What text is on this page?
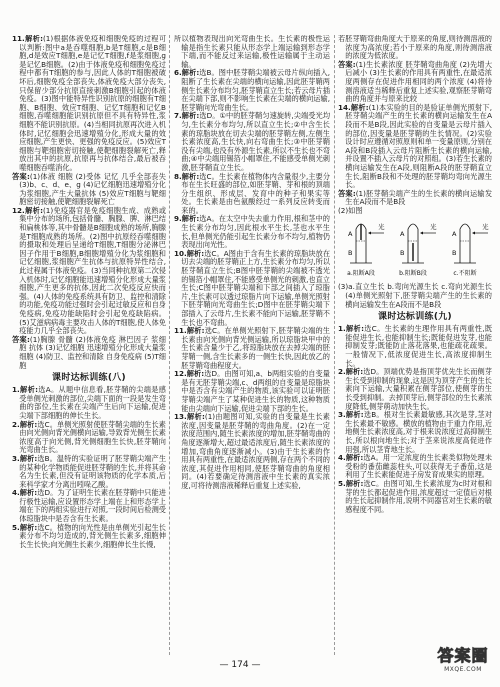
11.解析:(1)根据体液免疫和细胞免疫的过程可以判断:图中a是吞噬细胞,b是T细胞,c是B细胞,d是效应T细胞,e是记忆T细胞,f是浆细胞,g是记忆B细胞。(2)由于体液免疫和细胞免疫过程中都有T细胞的参与,因此人体的T细胞被破坏后,细胞免疫全部丧失,体液免疫大部分丧失,只保留少部分抗原直接刺激B细胞引起的体液免疫。(3)图中能特异性识别抗原的细胞有T细胞、B细胞、效应T细胞、记忆T细胞和记忆B细胞,吞噬细胞能识别抗原但不具有特异性,浆细胞不能识别抗原。(4)当相同抗原再次进入机体时,记忆细胞会迅速增殖分化,形成大量的效应细胞,产生更快、更强的免疫反应。(5)效应T细胞与靶细胞密切接触,使靶细胞裂解死亡,释放出其中的抗原,抗原再与抗体结合,最后被吞噬细胞吞噬消化。

答案:(1)体液 细胞 (2)受体 记忆 几乎全部丧失 (3)b、c、d、e、g (4)记忆细胞迅速增殖分化为浆细胞,产生大量抗体 (5)效应T细胞与靶细胞密切接触,使靶细胞裂解死亡

12.解析:(1)免疫器官是免疫细胞生成、成熟或集中分布的场所,包括骨髓、胸腺、脾、淋巴结和扁桃体等,其中骨髓是B细胞成熟的场所,胸腺是T细胞成熟的场所。(2)图中抗原经吞噬细胞的摄取和处理后呈递给T细胞,T细胞分泌淋巴因子作用于B细胞,B细胞增殖分化为浆细胞和记忆细胞,浆细胞产生抗体与抗原特异性结合,此过程属于体液免疫。(3)当同种抗原第二次侵入机体时,记忆细胞能迅速增殖分化形成大量浆细胞,产生更多的抗体,因此二次免疫反应快而强。(4)人体的免疫系统具有防卫、监控和清除的功能,免疫功能过强时会引起过敏反应和自身免疫病,免疫功能缺陷时会引起免疫缺陷病。(5)艾滋病病毒主要攻击人体的T细胞,使人体免疫能力几乎全部丧失。

答案:(1)胸腺 骨髓 (2)体液免疫 淋巴因子 浆细胞 抗体 (3)记忆细胞 迅速增殖分化形成大量浆细胞 (4)防卫、监控和清除 自身免疫病 (5)T细胞

课时达标训练(八)

1.解析:选A。从题中信息看,胚芽鞘的尖端是感受单侧光刺激的部位,尖端下面的一段是发生弯曲的部位,生长素在尖端产生后向下运输,促进尖端下部细胞的伸长生长。

2.解析:选C。单侧光照射使胚芽鞘尖端的生长素由向光侧向背光侧横向运输,导致背光侧生长素浓度高于向光侧,背光侧细胞生长快,胚芽鞘向光弯曲生长。

3.解析:选B。温特的实验证明了胚芽鞘尖端产生的某种化学物质能促进胚芽鞘的生长,并将其命名为生长素,但没有证明该物质的化学本质,后来科学家才分离出吲哚乙酸。

4.解析:选D。为了证明生长素在胚芽鞘中只能进行极性运输,应设置形态学上端在上和形态学上端在下的两组实验进行对照,一段时间后检测受体琼脂块中是否含有生长素。

5.解析:选C。植物的向光性是由单侧光引起生长素分布不均匀造成的,背光侧生长素多,细胞伸长生长快;向光侧生长素少,细胞伸长生长慢,

所以植物表现出向光弯曲生长。生长素的极性运输是指生长素只能从形态学上端运输到形态学下端,而不能反过来运输,极性运输属于主动运输。

6.解析:选B。图中胚芽鞘尖端被云母片纵向插入,阻断了生长素在尖端的横向运输,因此胚芽鞘两侧生长素分布均匀,胚芽鞘直立生长;若云母片插在尖端下部,则不影响生长素在尖端的横向运输,胚芽鞘向光弯曲生长。

7.解析:选D。①中的胚芽鞘匀速旋转,尖端受光均匀,生长素分布均匀,所以直立生长;②中含生长素的琼脂块放在切去尖端的胚芽鞘左侧,左侧生长素浓度高,生长快,向右弯曲生长;③中胚芽鞘没有尖端,也没有外源生长素,所以不生长也不弯曲;④中尖端用锡箔小帽罩住,不能感受单侧光刺激,胚芽鞘直立生长。

8.解析:选C。生长素在植物体内含量很少,主要分布在生长旺盛的部位,如胚芽鞘、芽和根的顶端分生组织、形成层、发育中的种子和果实等处。生长素是由色氨酸经过一系列反应转变而来的。

9.解析:选A。在太空中失去重力作用,根和茎中的生长素分布均匀,因此根水平生长,茎也水平生长,但单侧光仍能引起生长素分布不均匀,植物仍表现出向光性。

10.解析:选C。A图由于含有生长素的琼脂块放在切去尖端的胚芽鞘正上方,生长素分布均匀,所以胚芽鞘直立生长;B图中胚芽鞘的尖端被不透光的锡箔小帽罩住,不能感受单侧光的刺激,也直立生长;C图中胚芽鞘尖端和下部之间插入了琼脂片,生长素可以透过琼脂片向下运输,单侧光照射下胚芽鞘向光弯曲生长;D图中在胚芽鞘尖端下部插入了云母片,生长素不能向下运输,胚芽鞘不生长也不弯曲。

11.解析:选C。在单侧光照射下,胚芽鞘尖端的生长素由向光侧向背光侧运输,所以琼脂块甲中的生长素含量少于乙,将琼脂块放在去掉尖端的胚芽鞘一侧,含生长素多的一侧生长快,因此放乙的胚芽鞘弯曲程度大。

12.解析:选D。由图可知,a、b两组实验的自变量是有无胚芽鞘尖端,c、d两组的自变量是琼脂块中是否含有尖端产生的物质,该实验可以证明胚芽鞘尖端产生了某种促进生长的物质,这种物质能由尖端向下运输,促进尖端下部的生长。

13.解析:(1)由题图可知,实验的自变量是生长素浓度,因变量是胚芽鞘的弯曲角度。(2)在一定浓度范围内,随生长素浓度的增加,胚芽鞘弯曲的角度逐渐增大,超过最适浓度后,随生长素浓度的增加,弯曲角度逐渐减小。(3)由于生长素的作用具有两重性,在最适浓度两侧,存在两个不同的浓度,其促进作用相同,使胚芽鞘弯曲的角度相同。(4)若要确定待测溶液中生长素的真实浓度,可将待测溶液稀释后重复上述实验,

若胚芽鞘弯曲角度大于原来的角度,则待测溶液的浓度为高浓度;若小于原来的角度,则待测溶液的浓度为低浓度。

答案:(1)生长素浓度 胚芽鞘弯曲角度 (2)先增大后减小 (3)生长素的作用具有两重性,在最适浓度两侧存在促进作用相同的两个浓度 (4)将待测溶液适当稀释后重复上述实验,观察胚芽鞘弯曲的角度并与原来比较

14.解析:(1)本实验的目的是验证单侧光照射下,胚芽鞘尖端产生的生长素的横向运输发生在A段而不是B段,因此实验的自变量是云母片插入的部位,因变量是胚芽鞘的生长情况。(2)实验设计时应遵循对照原则和单一变量原则,分别在A段和B段插入云母片阻断生长素的横向运输,并设置不插入云母片的对照组。(3)若生长素的横向运输发生在A段,则阻断A段的胚芽鞘直立生长,阻断B段和不处理的胚芽鞘均弯向光源生长。

答案:(1)胚芽鞘尖端产生的生长素的横向运输发生在A段而不是B段

(2)如图

光
A
B
a.阻断A段
光
A
B
b.阻断B段
光
A
B
c.不阻断

(3)a.直立生长 b.弯向光源生长 c.弯向光源生长 (4)单侧光照射下,胚芽鞘尖端产生的生长素的横向运输发生在A段而不是B段

课时达标训练(九)

1.解析:选C。生长素的生理作用具有两重性,既能促进生长,也能抑制生长;既能促进发芽,也能抑制发芽;既能防止落花落果,也能疏花疏果。一般情况下,低浓度促进生长,高浓度抑制生长。

2.解析:选D。顶端优势是指顶芽优先生长而侧芽生长受到抑制的现象,这是因为顶芽产生的生长素向下运输,大量积累在侧芽部位,使侧芽的生长受到抑制。去掉顶芽后,侧芽部位的生长素浓度降低,侧芽萌动加快生长。

3.解析:选B。根对生长素最敏感,其次是芽,茎对生长素最不敏感。横放的植物由于重力作用,近地侧生长素浓度高,对于根来说浓度过高抑制生长,所以根向地生长;对于茎来说浓度高促进作用强,所以茎背地生长。

4.解析:选A。用一定浓度的生长素类似物处理未受粉的番茄雌蕊柱头,可以获得无子番茄,这是利用了生长素能促进子房发育成果实的原理。

5.解析:选C。由图可知,生长素浓度为c时对根和芽的生长都起促进作用,浓度超过一定值后对根的生长起抑制作用,说明不同器官对生长素的敏感程度不同。

— 174 —	答案圈
MXQE.COM
